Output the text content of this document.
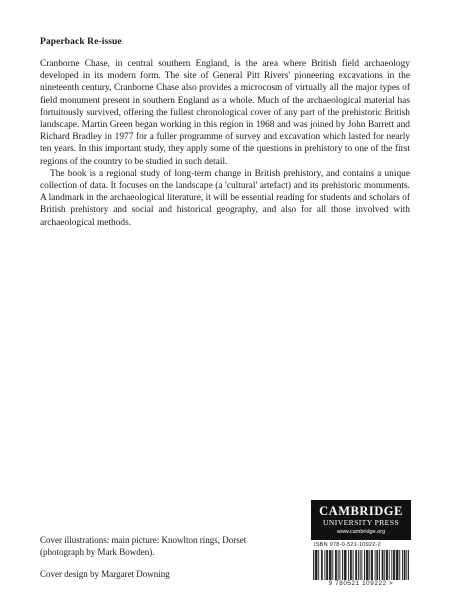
Paperback Re-issue

Cranborne Chase, in central southern England, is the area where British field archaeology developed in its modern form. The site of General Pitt Rivers' pioneering excavations in the nineteenth century, Cranborne Chase also provides a microcosm of virtually all the major types of field monument present in southern England as a whole. Much of the archaeological material has fortuitously survived, offering the fullest chronological cover of any part of the prehistoric British landscape. Martin Green began working in this region in 1968 and was joined by John Barrett and Richard Bradley in 1977 for a fuller programme of survey and excavation which lasted for nearly ten years. In this important study, they apply some of the questions in prehistory to one of the first regions of the country to be studied in such detail.

The book is a regional study of long-term change in British prehistory, and contains a unique collection of data. It focuses on the landscape (a 'cultural' artefact) and its prehistoric monuments. A landmark in the archaeological literature, it will be essential reading for students and scholars of British prehistory and social and historical geography, and also for all those involved with archaeological methods.

Cover illustrations: main picture: Knowlton rings, Dorset (photograph by Mark Bowden).

Cover design by Margaret Downing

CAMBRIDGE
UNIVERSITY PRESS
www.cambridge.org
ISBN 978-0-521-10922-2
9 780521 109222 >
